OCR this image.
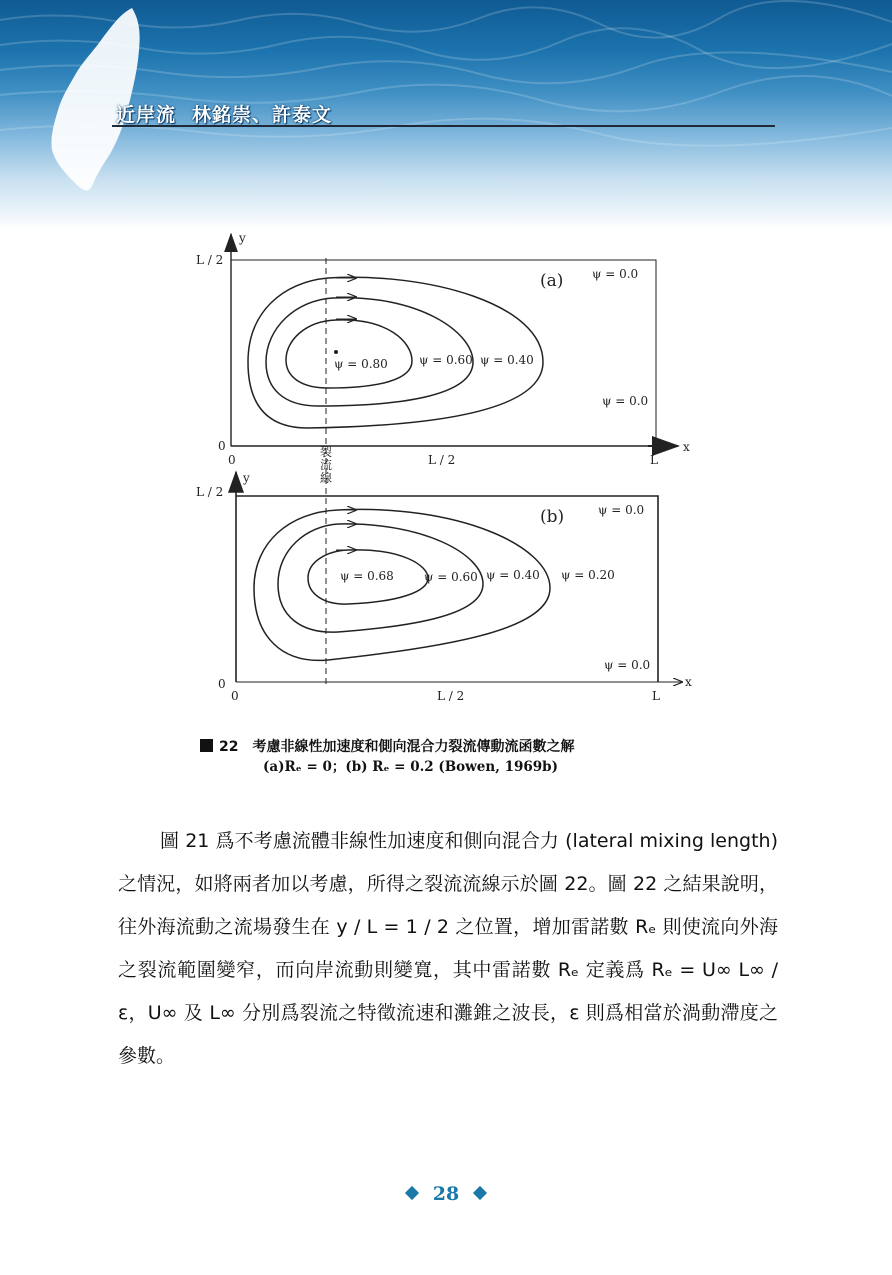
近岸流 林銘崇、許泰文
y
x
L / 2
0
0	L / 2	L
(a)
ψ = 0.80	ψ = 0.60 ψ = 0.40
ψ = 0.0
ψ = 0.0
裂流線
y
x
L / 2
0
0	L / 2	L
(b)
ψ = 0.68	ψ = 0.60 ψ = 0.40 ψ = 0.20
ψ = 0.0
ψ = 0.0
22 考慮非線性加速度和側向混合力裂流傳動流函數之解
(a)Rₑ = 0；(b) Rₑ = 0.2 (Bowen, 1969b)

圖 21 爲不考慮流體非線性加速度和側向混合力 (lateral mixing length) 之情況，如將兩者加以考慮，所得之裂流流線示於圖 22。圖 22 之結果說明，往外海流動之流場發生在 y / L = 1 / 2 之位置，增加雷諾數 Rₑ 則使流向外海之裂流範圍變窄，而向岸流動則變寬，其中雷諾數 Rₑ 定義爲 Rₑ = U∞ L∞ / ε，U∞ 及 L∞ 分別爲裂流之特徵流速和灘錐之波長，ε 則爲相當於渦動滯度之參數。

28
